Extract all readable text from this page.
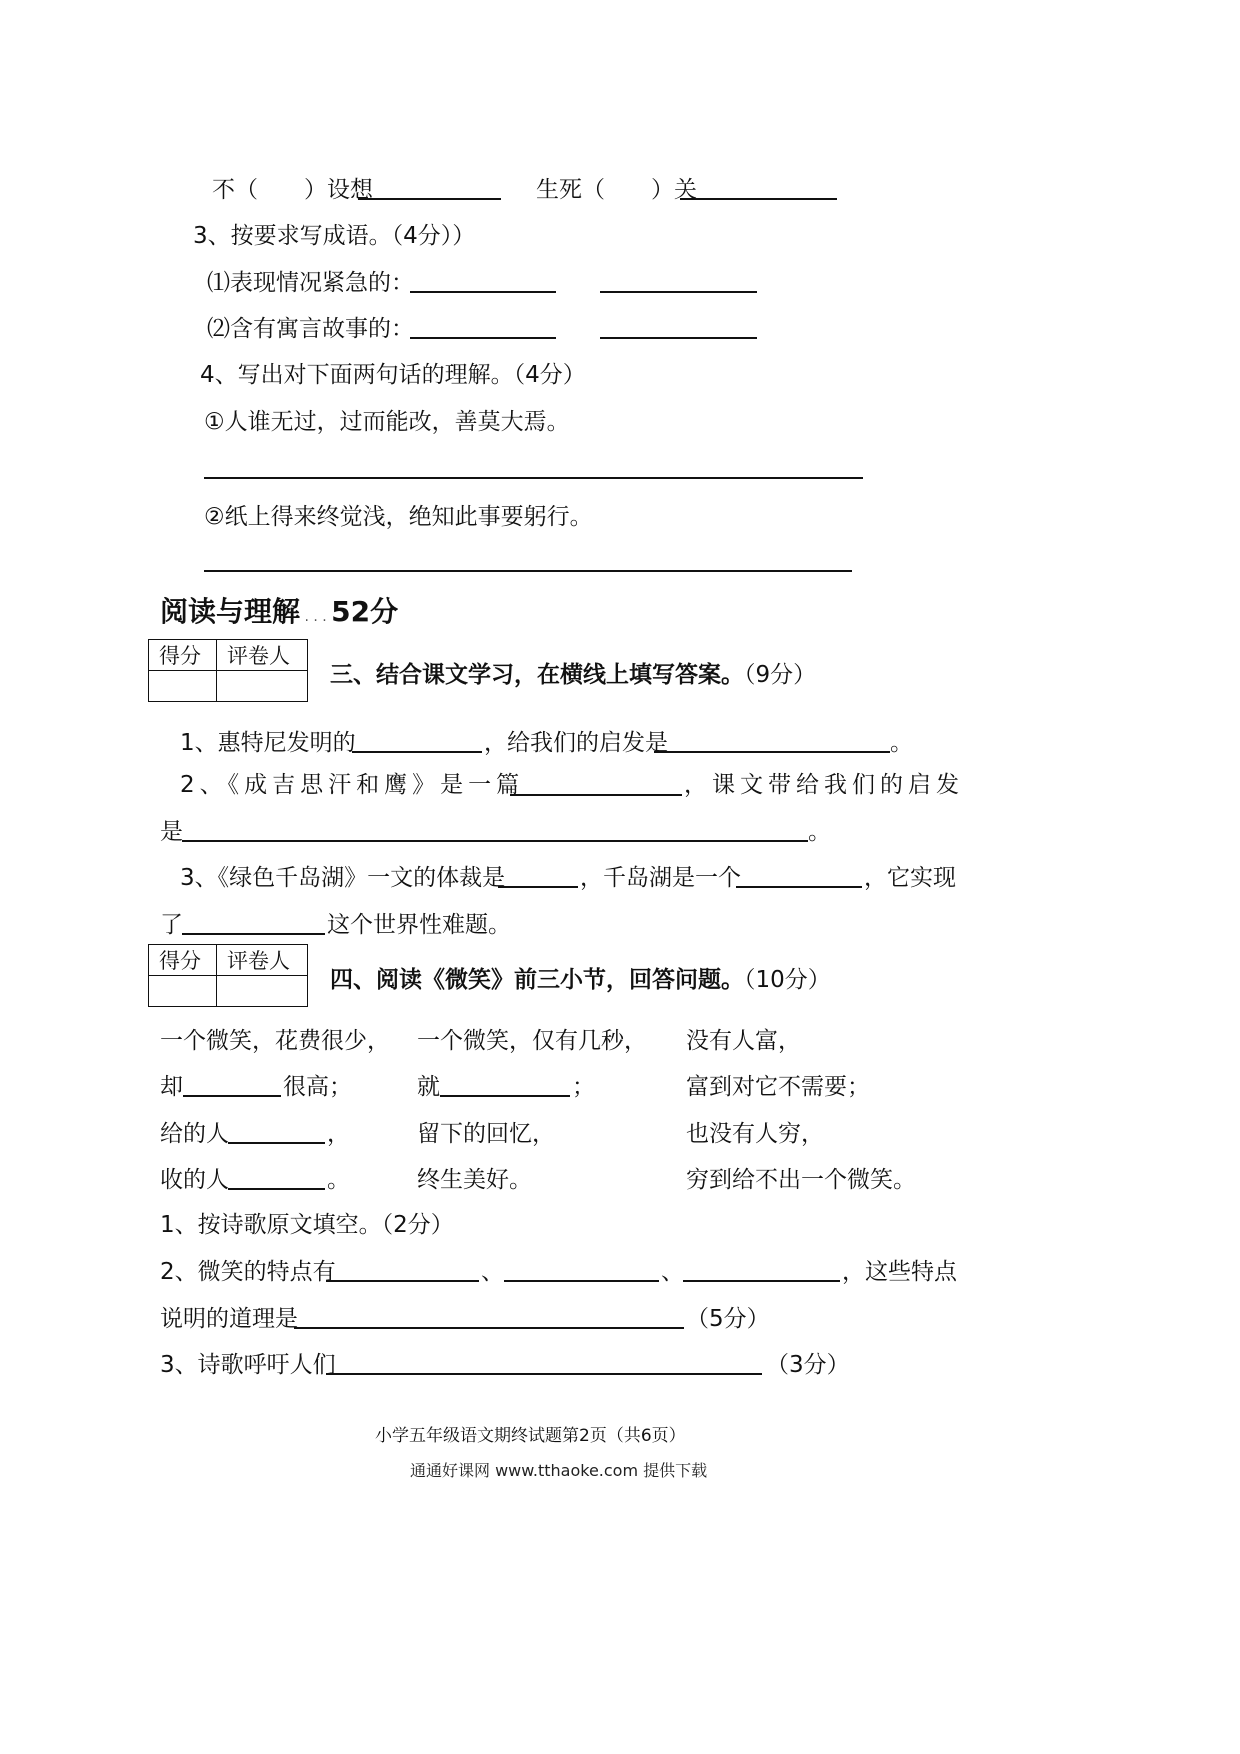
不（　　）设想	生死（　　）关
3、按要求写成语。（4分））
⑴表现情况紧急的：
⑵含有寓言故事的：
4、写出对下面两句话的理解。（4分）
①人谁无过，过而能改，善莫大焉。
②纸上得来终觉浅，绝知此事要躬行。
阅读与理解 . . . 52分
得分	评卷人

三、结合课文学习，在横线上填写答案。（9分）
1、惠特尼发明的	，给我们的启发是	。
2、《成吉思汗和鹰》是一篇	，课文带给我们的启发
是	。
3、《绿色千岛湖》一文的体裁是	，千岛湖是一个	，它实现
了	这个世界性难题。
得分	评卷人

四、阅读《微笑》前三小节，回答问题。（10分）
一个微笑，花费很少，
却	很高；
给的人	，
收的人	。
一个微笑，仅有几秒，
就	；
留下的回忆，
终生美好。
没有人富，
富到对它不需要；
也没有人穷，
穷到给不出一个微笑。
1、按诗歌原文填空。（2分）
2、微笑的特点有	、	、	，这些特点
说明的道理是	（5分）
3、诗歌呼吁人们	（3分）
小学五年级语文期终试题第2页（共6页）
通通好课网 www.tthaoke.com 提供下载
